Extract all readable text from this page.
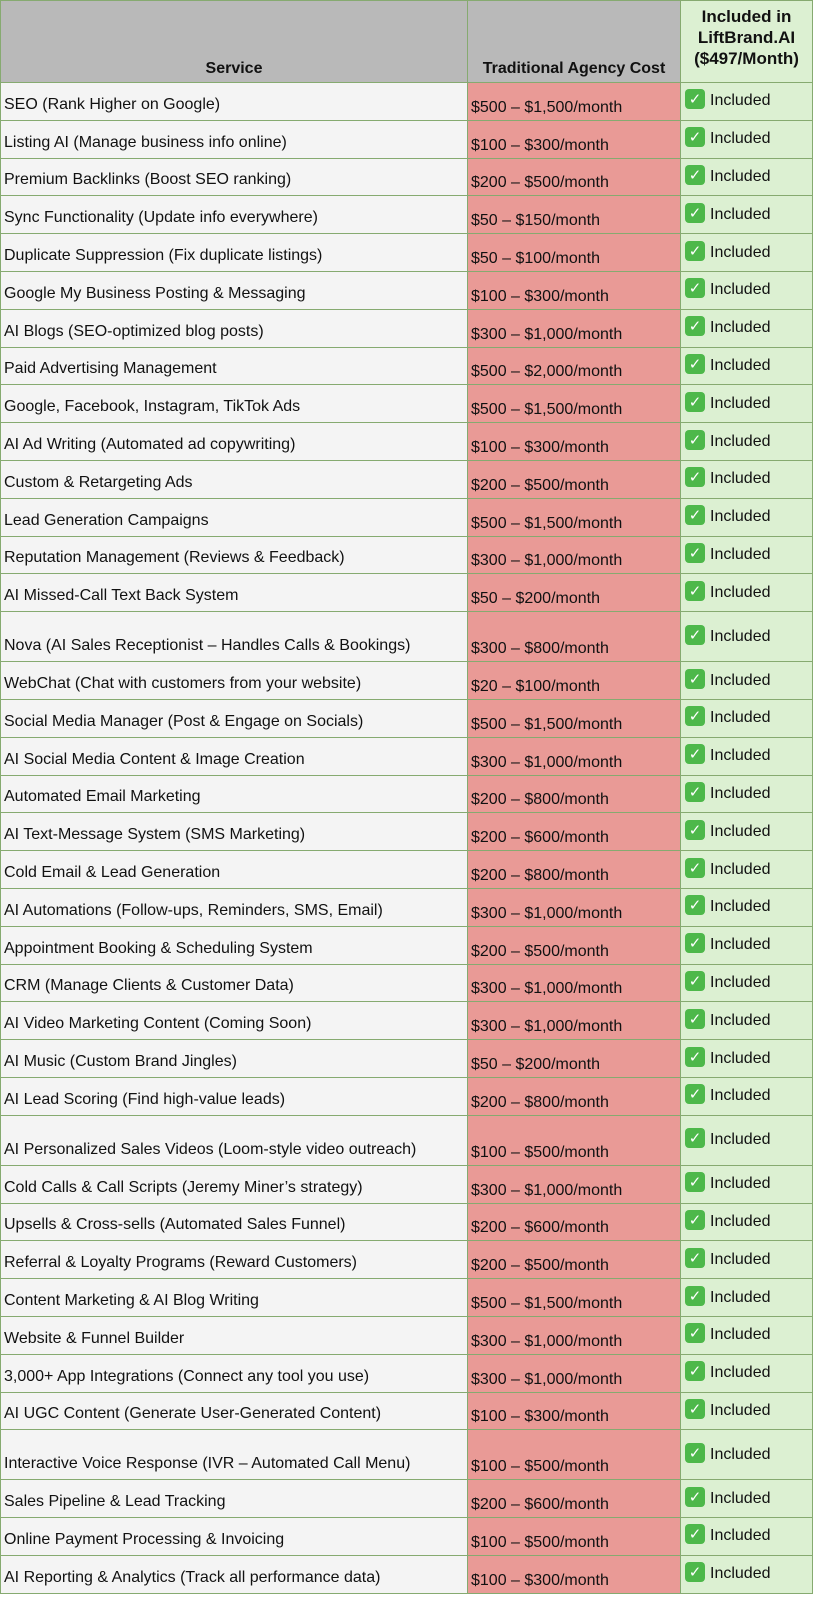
Service	Traditional Agency Cost	Included in LiftBrand.AI ($497/Month)
SEO (Rank Higher on Google)	$500 – $1,500/month	✓ Included
Listing AI (Manage business info online)	$100 – $300/month	✓ Included
Premium Backlinks (Boost SEO ranking)	$200 – $500/month	✓ Included
Sync Functionality (Update info everywhere)	$50 – $150/month	✓ Included
Duplicate Suppression (Fix duplicate listings)	$50 – $100/month	✓ Included
Google My Business Posting & Messaging	$100 – $300/month	✓ Included
AI Blogs (SEO-optimized blog posts)	$300 – $1,000/month	✓ Included
Paid Advertising Management	$500 – $2,000/month	✓ Included
Google, Facebook, Instagram, TikTok Ads	$500 – $1,500/month	✓ Included
AI Ad Writing (Automated ad copywriting)	$100 – $300/month	✓ Included
Custom & Retargeting Ads	$200 – $500/month	✓ Included
Lead Generation Campaigns	$500 – $1,500/month	✓ Included
Reputation Management (Reviews & Feedback)	$300 – $1,000/month	✓ Included
AI Missed-Call Text Back System	$50 – $200/month	✓ Included
Nova (AI Sales Receptionist – Handles Calls & Bookings)	$300 – $800/month	✓ Included
WebChat (Chat with customers from your website)	$20 – $100/month	✓ Included
Social Media Manager (Post & Engage on Socials)	$500 – $1,500/month	✓ Included
AI Social Media Content & Image Creation	$300 – $1,000/month	✓ Included
Automated Email Marketing	$200 – $800/month	✓ Included
AI Text-Message System (SMS Marketing)	$200 – $600/month	✓ Included
Cold Email & Lead Generation	$200 – $800/month	✓ Included
AI Automations (Follow-ups, Reminders, SMS, Email)	$300 – $1,000/month	✓ Included
Appointment Booking & Scheduling System	$200 – $500/month	✓ Included
CRM (Manage Clients & Customer Data)	$300 – $1,000/month	✓ Included
AI Video Marketing Content (Coming Soon)	$300 – $1,000/month	✓ Included
AI Music (Custom Brand Jingles)	$50 – $200/month	✓ Included
AI Lead Scoring (Find high-value leads)	$200 – $800/month	✓ Included
AI Personalized Sales Videos (Loom-style video outreach)	$100 – $500/month	✓ Included
Cold Calls & Call Scripts (Jeremy Miner’s strategy)	$300 – $1,000/month	✓ Included
Upsells & Cross-sells (Automated Sales Funnel)	$200 – $600/month	✓ Included
Referral & Loyalty Programs (Reward Customers)	$200 – $500/month	✓ Included
Content Marketing & AI Blog Writing	$500 – $1,500/month	✓ Included
Website & Funnel Builder	$300 – $1,000/month	✓ Included
3,000+ App Integrations (Connect any tool you use)	$300 – $1,000/month	✓ Included
AI UGC Content (Generate User-Generated Content)	$100 – $300/month	✓ Included
Interactive Voice Response (IVR – Automated Call Menu)	$100 – $500/month	✓ Included
Sales Pipeline & Lead Tracking	$200 – $600/month	✓ Included
Online Payment Processing & Invoicing	$100 – $500/month	✓ Included
AI Reporting & Analytics (Track all performance data)	$100 – $300/month	✓ Included
